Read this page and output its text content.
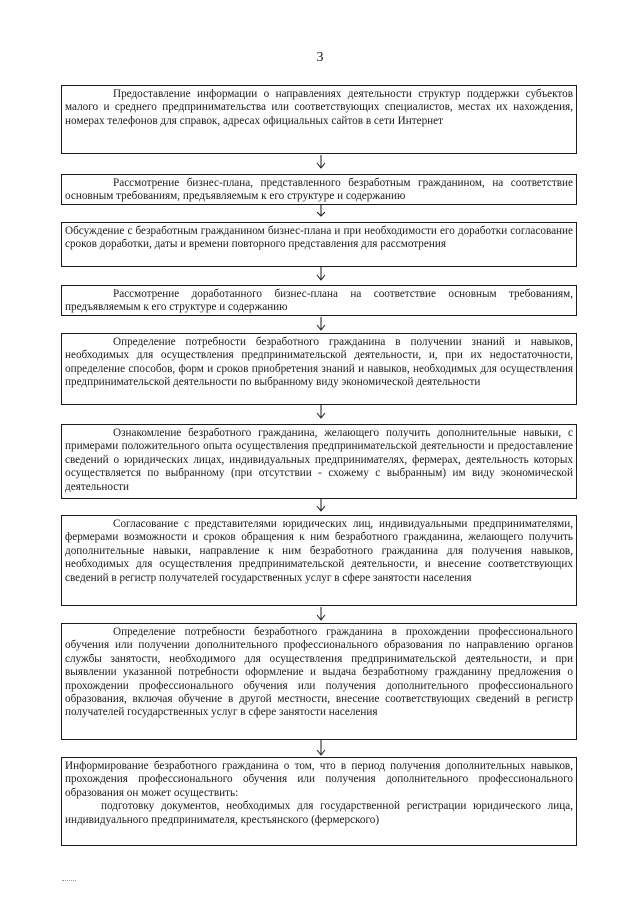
3

Предоставление информации о направлениях деятельности структур поддержки субъектов малого и среднего предпринимательства или соответствующих специалистов, местах их нахождения, номерах телефонов для справок, адресах официальных сайтов в сети Интернет

Рассмотрение бизнес-плана, представленного безработным гражданином, на соответствие основным требованиям, предъявляемым к его структуре и содержанию

Обсуждение с безработным гражданином бизнес-плана и при необходимости его доработки согласование сроков доработки, даты и времени повторного представления для рассмотрения

Рассмотрение доработанного бизнес-плана на соответствие основным требованиям, предъявляемым к его структуре и содержанию

Определение потребности безработного гражданина в получении знаний и навыков, необходимых для осуществления предпринимательской деятельности, и, при их недостаточности, определение способов, форм и сроков приобретения знаний и навыков, необходимых для осуществления предпринимательской деятельности по выбранному виду экономической деятельности

Ознакомление безработного гражданина, желающего получить дополнительные навыки, с примерами положительного опыта осуществления предпринимательской деятельности и предоставление сведений о юридических лицах, индивидуальных предпринимателях, фермерах, деятельность которых осуществляется по выбранному (при отсутствии - схожему с выбранным) им виду экономической деятельности

Согласование с представителями юридических лиц, индивидуальными предпринимателями, фермерами возможности и сроков обращения к ним безработного гражданина, желающего получить дополнительные навыки, направление к ним безработного гражданина для получения навыков, необходимых для осуществления предпринимательской деятельности, и внесение соответствующих сведений в регистр получателей государственных услуг в сфере занятости населения

Определение потребности безработного гражданина в прохождении профессионального обучения или получении дополнительного профессионального образования по направлению органов службы занятости, необходимого для осуществления предпринимательской деятельности, и при выявлении указанной потребности оформление и выдача безработному гражданину предложения о прохождении профессионального обучения или получения дополнительного профессионального образования, включая обучение в другой местности, внесение соответствующих сведений в регистр получателей государственных услуг в сфере занятости населения

Информирование безработного гражданина о том, что в период получения дополнительных навыков, прохождения профессионального обучения или получения дополнительного профессионального образования он может осуществить:

подготовку документов, необходимых для государственной регистрации юридического лица, индивидуального предпринимателя, крестьянского (фермерского)
